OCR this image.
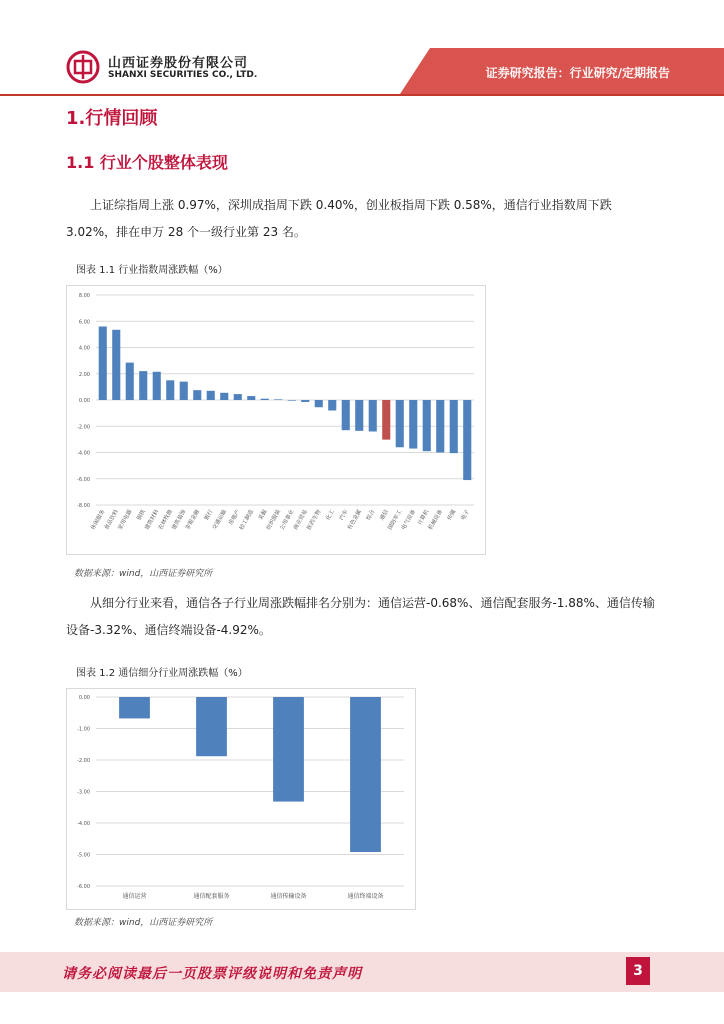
山西证券股份有限公司
SHANXI SECURITIES CO., LTD.	证券研究报告：行业研究/定期报告
1.行情回顾
1.1 行业个股整体表现

上证综指周上涨 0.97%，深圳成指周下跌 0.40%，创业板指周下跌 0.58%，通信行业指数周下跌 3.02%，排在申万 28 个一级行业第 23 名。

图表 1.1 行业指数周涨跌幅（%）
8.00
6.00
4.00
2.00
0.00
-2.00
-4.00
-6.00
-8.00
休闲服务
食品饮料
家用电器 钢铁
建筑材料
农林牧渔
建筑装饰
非银金融 银行
交通运输 房地产
轻工制造 采掘
纺织服装
公用事业
商业贸易
医药生物 化工 汽车
有色金属 综合 通信
国防军工
电气设备 计算机
机械设备 传媒 电子
数据来源：wind，山西证券研究所

从细分行业来看，通信各子行业周涨跌幅排名分别为：通信运营-0.68%、通信配套服务-1.88%、通信传输设备-3.32%、通信终端设备-4.92%。

图表 1.2 通信细分行业周涨跌幅（%）
0.00
-1.00
-2.00
-3.00
-4.00
-5.00
-6.00
通信运营	通信配套服务	通信传输设备	通信终端设备
数据来源：wind，山西证券研究所
请务必阅读最后一页股票评级说明和免责声明	3
